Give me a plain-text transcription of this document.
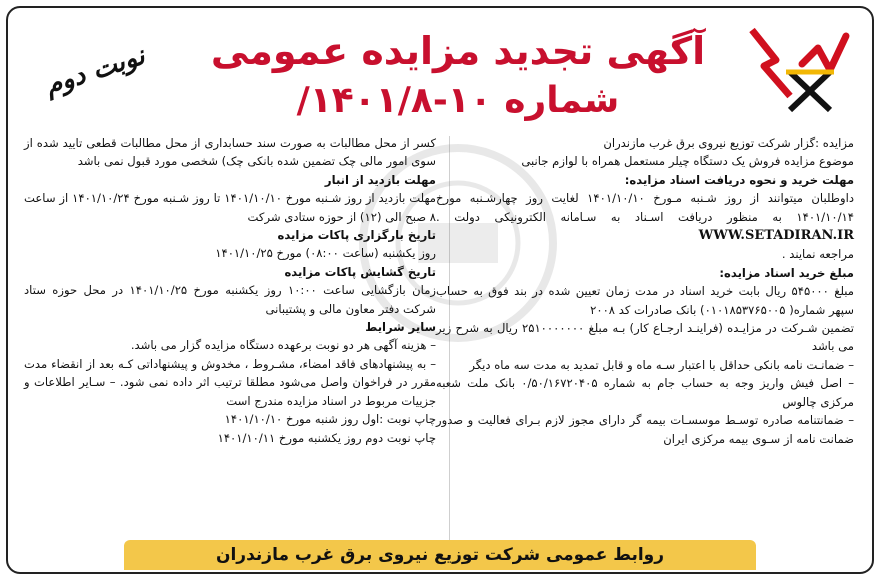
نوبت دوم	آگهی تجدید مزایده عمومی
شماره ۱۰-۱۴۰۱/۸/

مزایده :گزار شرکت توزیع نیروی برق غرب مازندران

موضوع مزایده فروش یک دستگاه چیلر مستعمل همراه با لوازم جانبی

مهلت خرید و نحوه دریافت اسناد مزایده:

داوطلبان میتوانند از روز شـنبه مـورخ ۱۴۰۱/۱۰/۱۰ لغایت روز چهارشـنبه مورخ ۱۴۰۱/۱۰/۱۴ به منظور دریافت اسـناد به سـامانه الکترونیکی دولت . WWW.SETADIRAN.IR

مراجعه نمایند .

مبلغ خرید اسناد مزایده:

مبلغ ۵۴۵۰۰۰ ریال بابت خرید اسناد در مدت زمان تعیین شده در بند فوق به حساب سپهر شماره( ۰۱۰۱۸۵۳۷۶۵۰۰۵) بانک صادرات کد ۲۰۰۸

تضمین شـرکت در مزایـده (فراینـد ارجـاع کار) بـه مبلغ ۲۵۱۰۰۰۰۰۰۰ ریال به شرح زیر می باشد

– ضمانـت نامه بانکی حداقل با اعتبار سـه ماه و قابل تمدید به مدت سه ماه دیگر

– اصل فیش واریز وجه به حساب جام به شماره ۰/۵۰/۱۶۷۲۰۴۰۵ بانک ملت شعبه مرکزی چالوس

– ضمانتنامه صادره توسـط موسسـات بیمه گر دارای مجوز لازم بـرای فعالیت و صدور ضمانت نامه از سـوی بیمه مرکزی ایران

کسر از محل مطالبات به صورت سند حسابداری از محل مطالبات قطعی تایید شده از سوی امور مالی چک تضمین شده بانکی چک) شخصی مورد قبول نمی باشد

مهلت بازدید از انبار

مهلت بازدید از روز شـنبه مورخ ۱۴۰۱/۱۰/۱۰ تا روز شـنبه مورخ ۱۴۰۱/۱۰/۲۴ از ساعت ۸ صبح الی (۱۲) از حوزه ستادی شرکت

تاریخ بارگزاری پاکات مزایده

روز یکشنبه (ساعت ۰۸:۰۰) مورخ ۱۴۰۱/۱۰/۲۵

تاریخ گشایش پاکات مزایده

زمان بازگشایی ساعت ۱۰:۰۰ روز یکشنبه مورخ ۱۴۰۱/۱۰/۲۵ در محل حوزه ستاد شرکت دفتر معاون مالی و پشتیبانی

سایر شرایط

– هزینه آگهی هر دو نوبت برعهده دستگاه مزایده گزار می باشد.

– به پیشنهادهای فاقد امضاء، مشـروط ، مخدوش و پیشنهاداتی کـه بعد از انقضاء مدت مقرر در فراخوان واصل می‌شود مطلقا ترتیب اثر داده نمی شود. – سـایر اطلاعات و جزییات مربوط در اسناد مزایده مندرج است

چاپ نوبت :اول روز شنبه مورخ ۱۴۰۱/۱۰/۱۰

چاپ نوبت دوم روز یکشنبه مورخ ۱۴۰۱/۱۰/۱۱

روابط عمومی شرکت توزیع نیروی برق غرب مازندران
